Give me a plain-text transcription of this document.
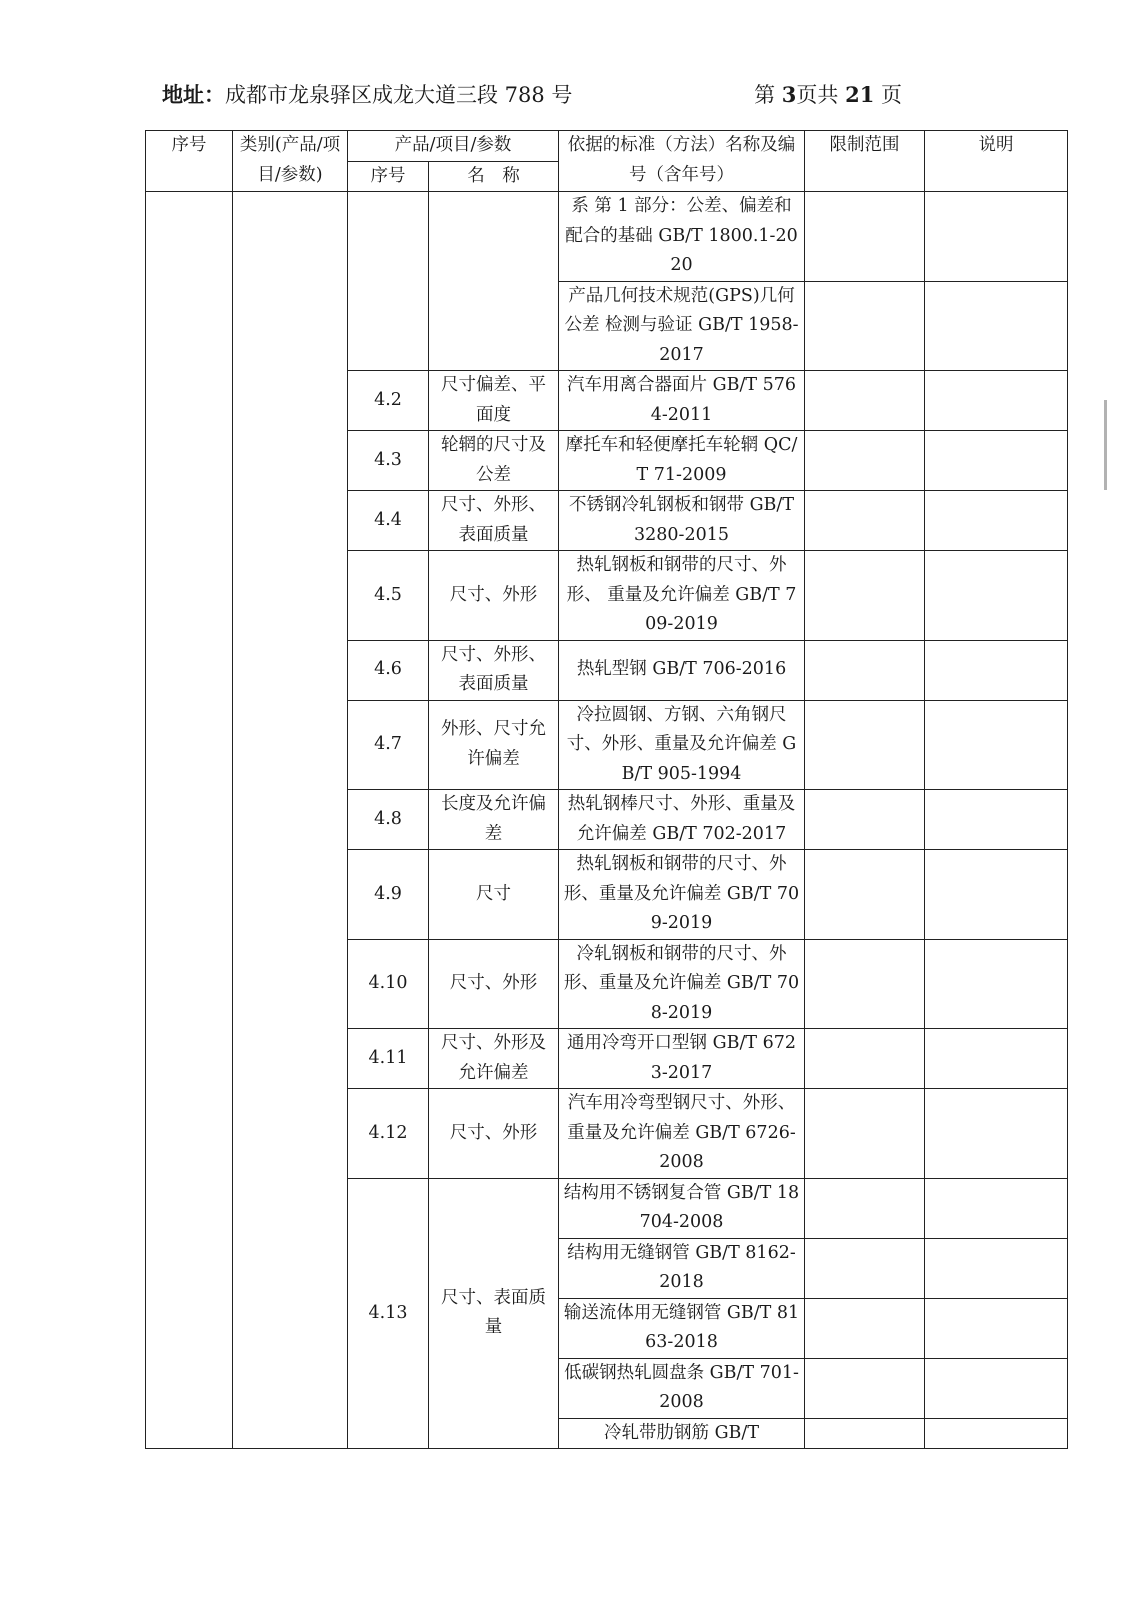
地址：成都市龙泉驿区成龙大道三段 788 号	第 3页共 21 页
序号	类别(产品/项目/参数)	产品/项目/参数		依据的标准（方法）名称及编号（含年号）	限制范围	说明
		序号	名　称			
				系 第 1 部分：公差、偏差和配合的基础 GB/T 1800.1-2020		
				产品几何技术规范(GPS)几何公差 检测与验证 GB/T 1958-2017		
		4.2	尺寸偏差、平面度	汽车用离合器面片 GB/T 5764-2011		
		4.3	轮辋的尺寸及公差	摩托车和轻便摩托车轮辋 QC/T 71-2009		
		4.4	尺寸、外形、表面质量	不锈钢冷轧钢板和钢带 GB/T 3280-2015		
		4.5	尺寸、外形	热轧钢板和钢带的尺寸、外形、 重量及允许偏差 GB/T 709-2019		
		4.6	尺寸、外形、表面质量	热轧型钢 GB/T 706-2016		
		4.7	外形、尺寸允许偏差	冷拉圆钢、方钢、六角钢尺寸、外形、重量及允许偏差 GB/T 905-1994		
		4.8	长度及允许偏差	热轧钢棒尺寸、外形、重量及允许偏差 GB/T 702-2017		
		4.9	尺寸	热轧钢板和钢带的尺寸、外形、重量及允许偏差 GB/T 709-2019		
		4.10	尺寸、外形	冷轧钢板和钢带的尺寸、外形、重量及允许偏差 GB/T 708-2019		
		4.11	尺寸、外形及允许偏差	通用冷弯开口型钢 GB/T 6723-2017		
		4.12	尺寸、外形	汽车用冷弯型钢尺寸、外形、重量及允许偏差 GB/T 6726-2008		
		4.13	尺寸、表面质量	结构用不锈钢复合管 GB/T 18704-2008		
				结构用无缝钢管 GB/T 8162-2018		
				输送流体用无缝钢管 GB/T 8163-2018		
				低碳钢热轧圆盘条 GB/T 701-2008		
				冷轧带肋钢筋 GB/T		
